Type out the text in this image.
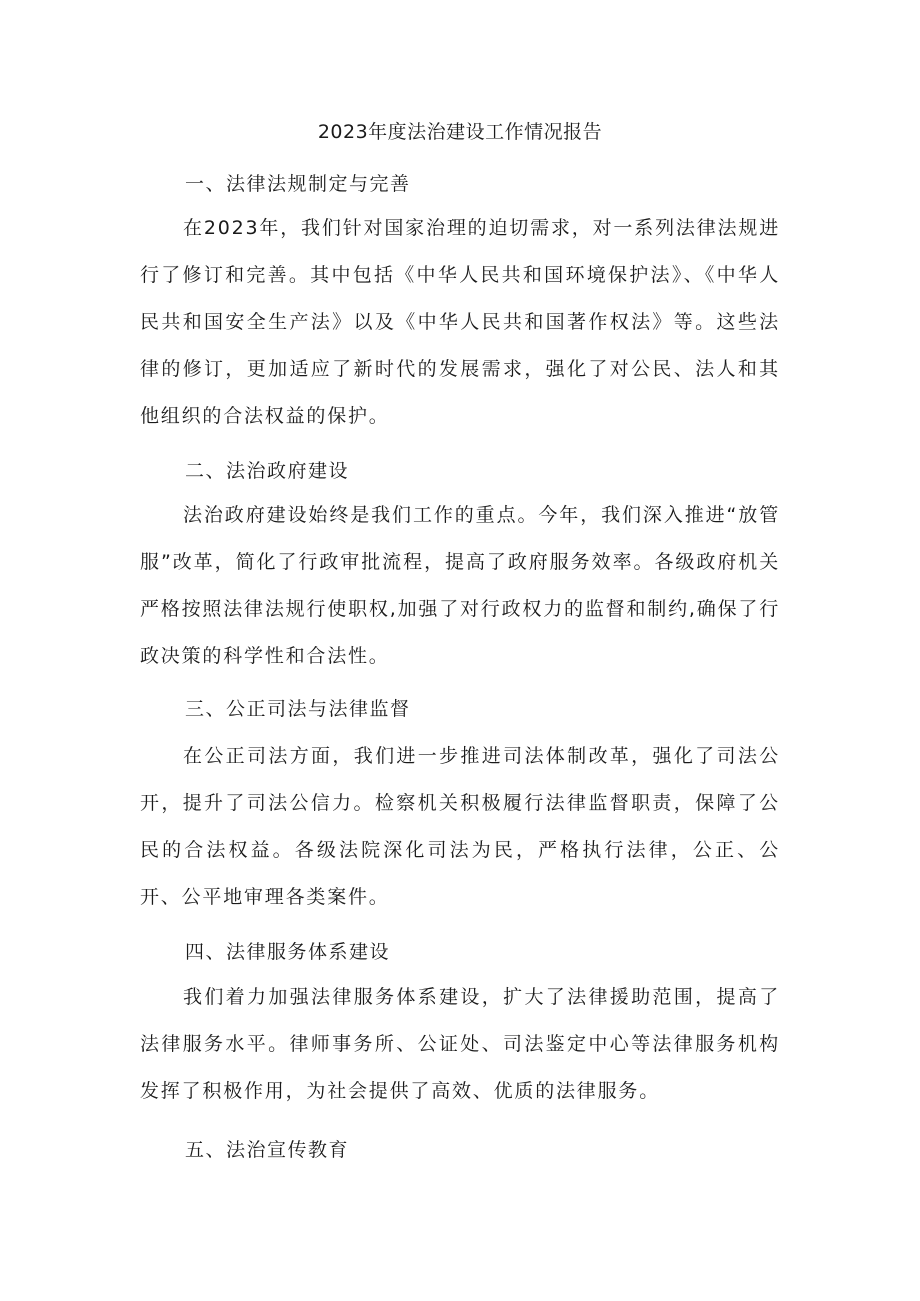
2023年度法治建设工作情况报告
一、法律法规制定与完善

在2023年，我们针对国家治理的迫切需求，对一系列法律法规进行了修订和完善。其中包括《中华人民共和国环境保护法》、《中华人民共和国安全生产法》以及《中华人民共和国著作权法》等。这些法律的修订，更加适应了新时代的发展需求，强化了对公民、法人和其他组织的合法权益的保护。

二、法治政府建设

法治政府建设始终是我们工作的重点。今年，我们深入推进“放管服”改革，简化了行政审批流程，提高了政府服务效率。各级政府机关严格按照法律法规行使职权,加强了对行政权力的监督和制约,确保了行政决策的科学性和合法性。

三、公正司法与法律监督

在公正司法方面，我们进一步推进司法体制改革，强化了司法公开，提升了司法公信力。检察机关积极履行法律监督职责，保障了公民的合法权益。各级法院深化司法为民，严格执行法律，公正、公开、公平地审理各类案件。

四、法律服务体系建设

我们着力加强法律服务体系建设，扩大了法律援助范围，提高了法律服务水平。律师事务所、公证处、司法鉴定中心等法律服务机构发挥了积极作用，为社会提供了高效、优质的法律服务。

五、法治宣传教育
